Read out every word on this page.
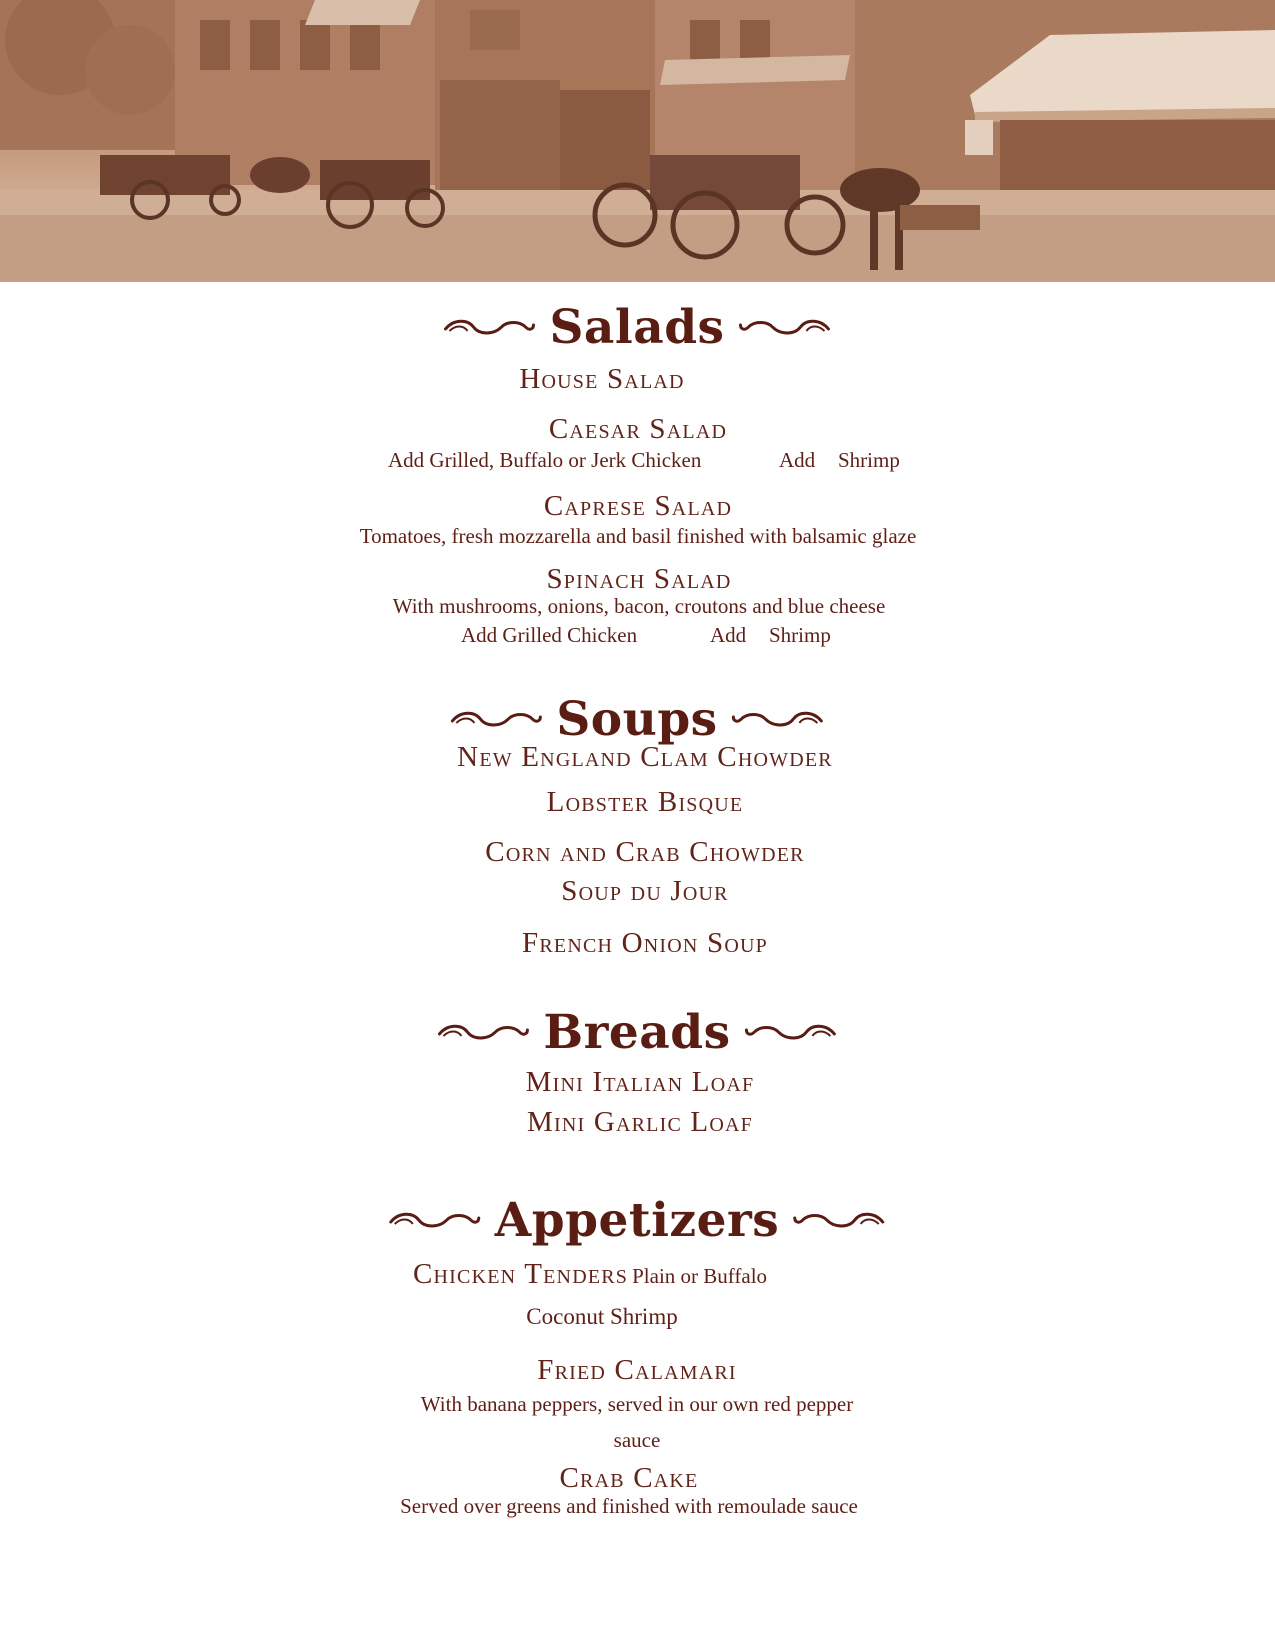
Salads
House Salad
Caesar Salad
Add Grilled, Buffalo or Jerk Chicken	Add Shrimp
Caprese Salad
Tomatoes, fresh mozzarella and basil finished with balsamic glaze
Spinach Salad
With mushrooms, onions, bacon, croutons and blue cheese
Add Grilled Chicken	Add Shrimp
Soups
New England Clam Chowder
Lobster Bisque
Corn and Crab Chowder
Soup du Jour
French Onion Soup
Breads
Mini Italian Loaf
Mini Garlic Loaf
Appetizers
Chicken Tenders Plain or Buffalo
Coconut Shrimp
Fried Calamari
With banana peppers, served in our own red pepper
sauce
Crab Cake
Served over greens and finished with remoulade sauce
